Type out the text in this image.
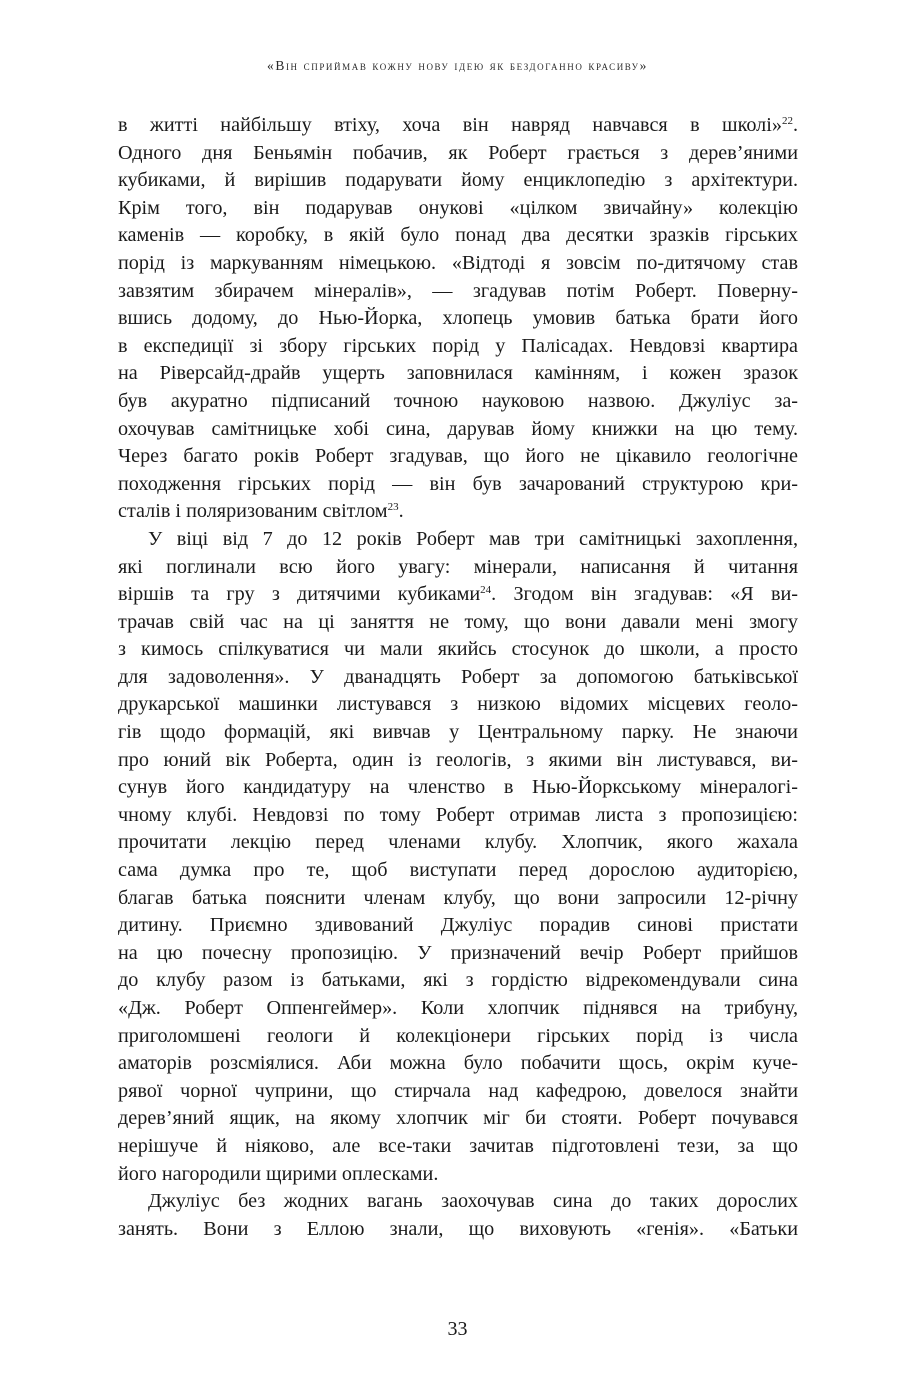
«Він сприймав кожну нову ідею як бездоганно красиву»
в житті найбільшу втіху, хоча він навряд навчався в школі»$^{22}$.
Одного дня Беньямін побачив, як Роберт грається з дерев’яними
кубиками, й вирішив подарувати йому енциклопедію з архітектури.
Крім того, він подарував онукові «цілком звичайну» колекцію
каменів — коробку, в якій було понад два десятки зразків гірських
порід із маркуванням німецькою. «Відтоді я зовсім по-дитячому став
завзятим збирачем мінералів», — згадував потім Роберт. Поверну-
вшись додому, до Нью-Йорка, хлопець умовив батька брати його
в експедиції зі збору гірських порід у Палісадах. Невдовзі квартира
на Ріверсайд-драйв ущерть заповнилася камінням, і кожен зразок
був акуратно підписаний точною науковою назвою. Джуліус за-
охочував самітницьке хобі сина, дарував йому книжки на цю тему.
Через багато років Роберт згадував, що його не цікавило геологічне
походження гірських порід — він був зачарований структурою кри-
сталів і поляризованим світлом$^{23}$.
У віці від 7 до 12 років Роберт мав три самітницькі захоплення,
які поглинали всю його увагу: мінерали, написання й читання
віршів та гру з дитячими кубиками$^{24}$. Згодом він згадував: «Я ви-
трачав свій час на ці заняття не тому, що вони давали мені змогу
з кимось спілкуватися чи мали якийсь стосунок до школи, а просто
для задоволення». У дванадцять Роберт за допомогою батьківської
друкарської машинки листувався з низкою відомих місцевих геоло-
гів щодо формацій, які вивчав у Центральному парку. Не знаючи
про юний вік Роберта, один із геологів, з якими він листувався, ви-
сунув його кандидатуру на членство в Нью-Йоркському мінералогі-
чному клубі. Невдовзі по тому Роберт отримав листа з пропозицією:
прочитати лекцію перед членами клубу. Хлопчик, якого жахала
сама думка про те, щоб виступати перед дорослою аудиторією,
благав батька пояснити членам клубу, що вони запросили 12-річну
дитину. Приємно здивований Джуліус порадив синові пристати
на цю почесну пропозицію. У призначений вечір Роберт прийшов
до клубу разом із батьками, які з гордістю відрекомендували сина
«Дж. Роберт Оппенгеймер». Коли хлопчик піднявся на трибуну,
приголомшені геологи й колекціонери гірських порід із числа
аматорів розсміялися. Аби можна було побачити щось, окрім куче-
рявої чорної чуприни, що стирчала над кафедрою, довелося знайти
дерев’яний ящик, на якому хлопчик міг би стояти. Роберт почувався
нерішуче й ніяково, але все-таки зачитав підготовлені тези, за що
його нагородили щирими оплесками.
Джуліус без жодних вагань заохочував сина до таких дорослих
занять. Вони з Еллою знали, що виховують «генія». «Батьки
33
